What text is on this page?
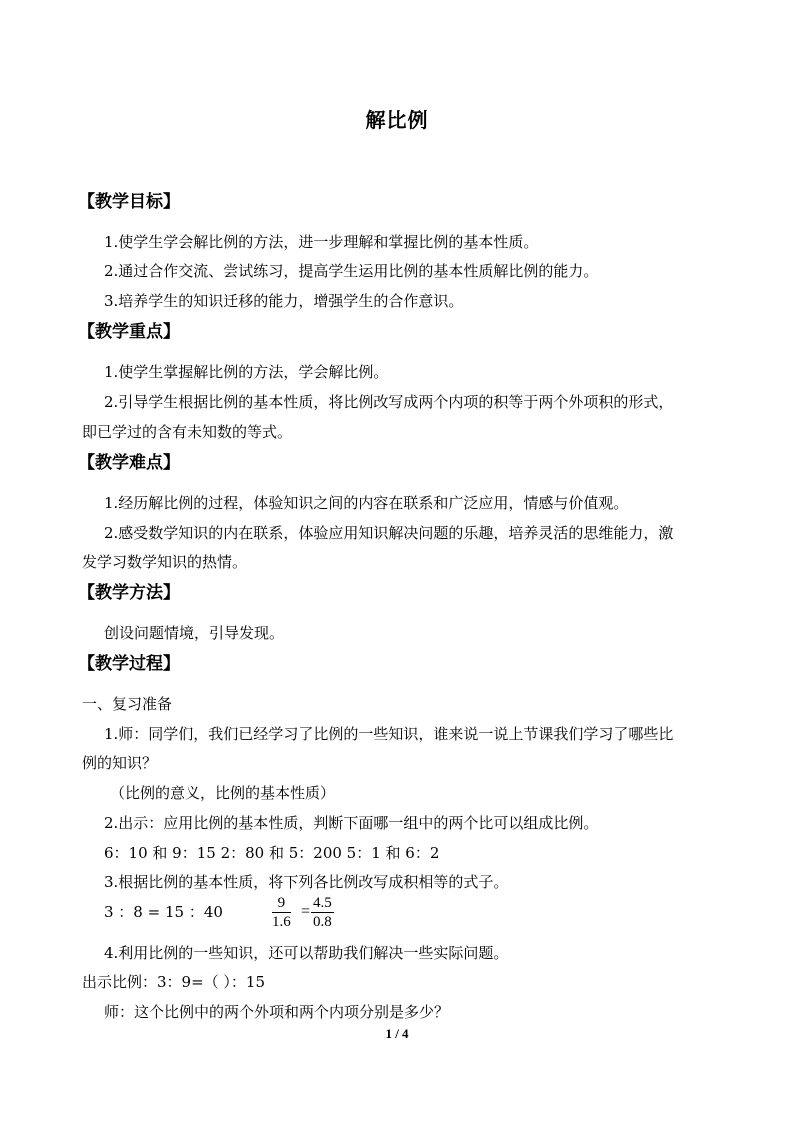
解比例
【教学目标】
1.使学生学会解比例的方法，进一步理解和掌握比例的基本性质。
2.通过合作交流、尝试练习，提高学生运用比例的基本性质解比例的能力。
3.培养学生的知识迁移的能力，增强学生的合作意识。
【教学重点】
1.使学生掌握解比例的方法，学会解比例。
2.引导学生根据比例的基本性质，将比例改写成两个内项的积等于两个外项积的形式，
即已学过的含有未知数的等式。
【教学难点】
1.经历解比例的过程，体验知识之间的内容在联系和广泛应用，情感与价值观。
2.感受数学知识的内在联系，体验应用知识解决问题的乐趣，培养灵活的思维能力，激
发学习数学知识的热情。
【教学方法】
创设问题情境，引导发现。
【教学过程】
一、复习准备
1.师：同学们，我们已经学习了比例的一些知识，谁来说一说上节课我们学习了哪些比
例的知识？
（比例的意义，比例的基本性质）
2.出示：应用比例的基本性质，判断下面哪一组中的两个比可以组成比例。
6：10 和 9：15 2：80 和 5：200 5：1 和 6：2
3.根据比例的基本性质，将下列各比例改写成积相等的式子。
3 ：8 = 15 ：40	$\frac{9}{1.6} = \frac{4.5}{0.8}$
4.利用比例的一些知识，还可以帮助我们解决一些实际问题。
出示比例：3：9=（ ）：15
师：这个比例中的两个外项和两个内项分别是多少？
1 / 4
